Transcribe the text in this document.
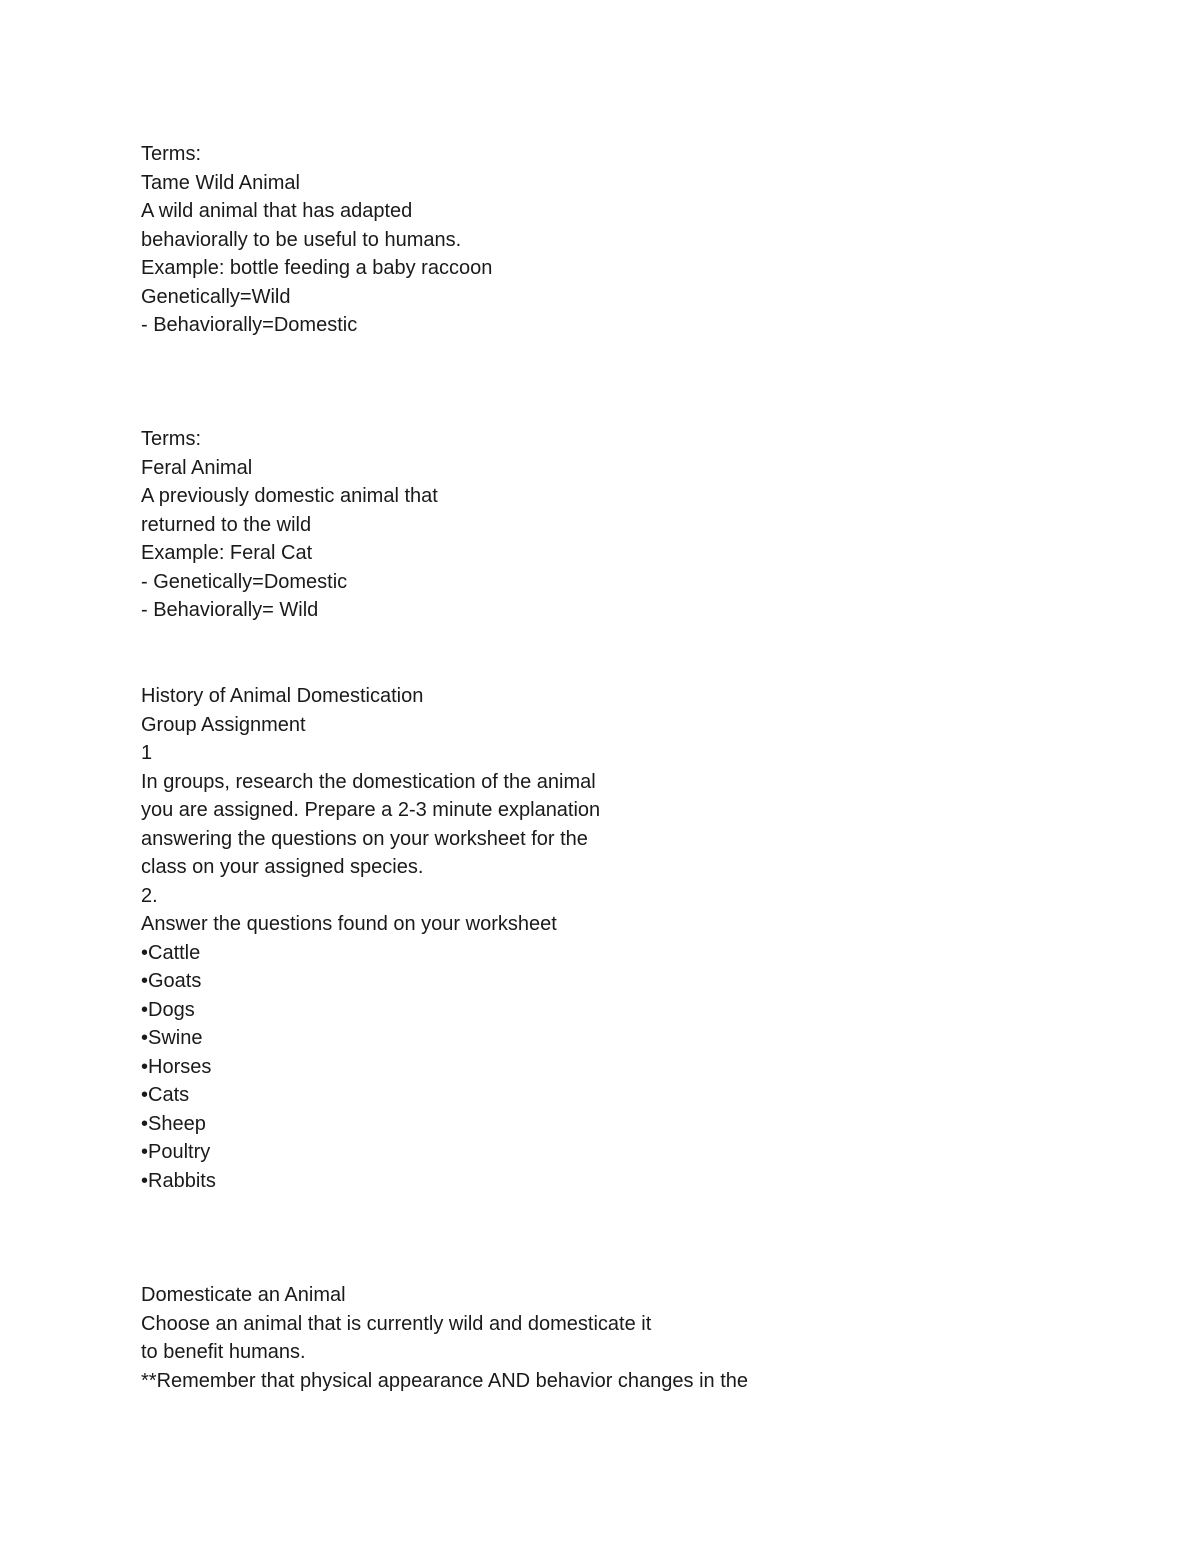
Terms:
Tame Wild Animal
A wild animal that has adapted
behaviorally to be useful to humans.
Example: bottle feeding a baby raccoon
Genetically=Wild
- Behaviorally=Domestic
Terms:
Feral Animal
A previously domestic animal that
returned to the wild
Example: Feral Cat
- Genetically=Domestic
- Behaviorally= Wild
History of Animal Domestication
Group Assignment
1
In groups, research the domestication of the animal
you are assigned. Prepare a 2-3 minute explanation
answering the questions on your worksheet for the
class on your assigned species.
2.
Answer the questions found on your worksheet
•Cattle
•Goats
•Dogs
•Swine
•Horses
•Cats
•Sheep
•Poultry
•Rabbits
Domesticate an Animal
Choose an animal that is currently wild and domesticate it
to benefit humans.
**Remember that physical appearance AND behavior changes in the
